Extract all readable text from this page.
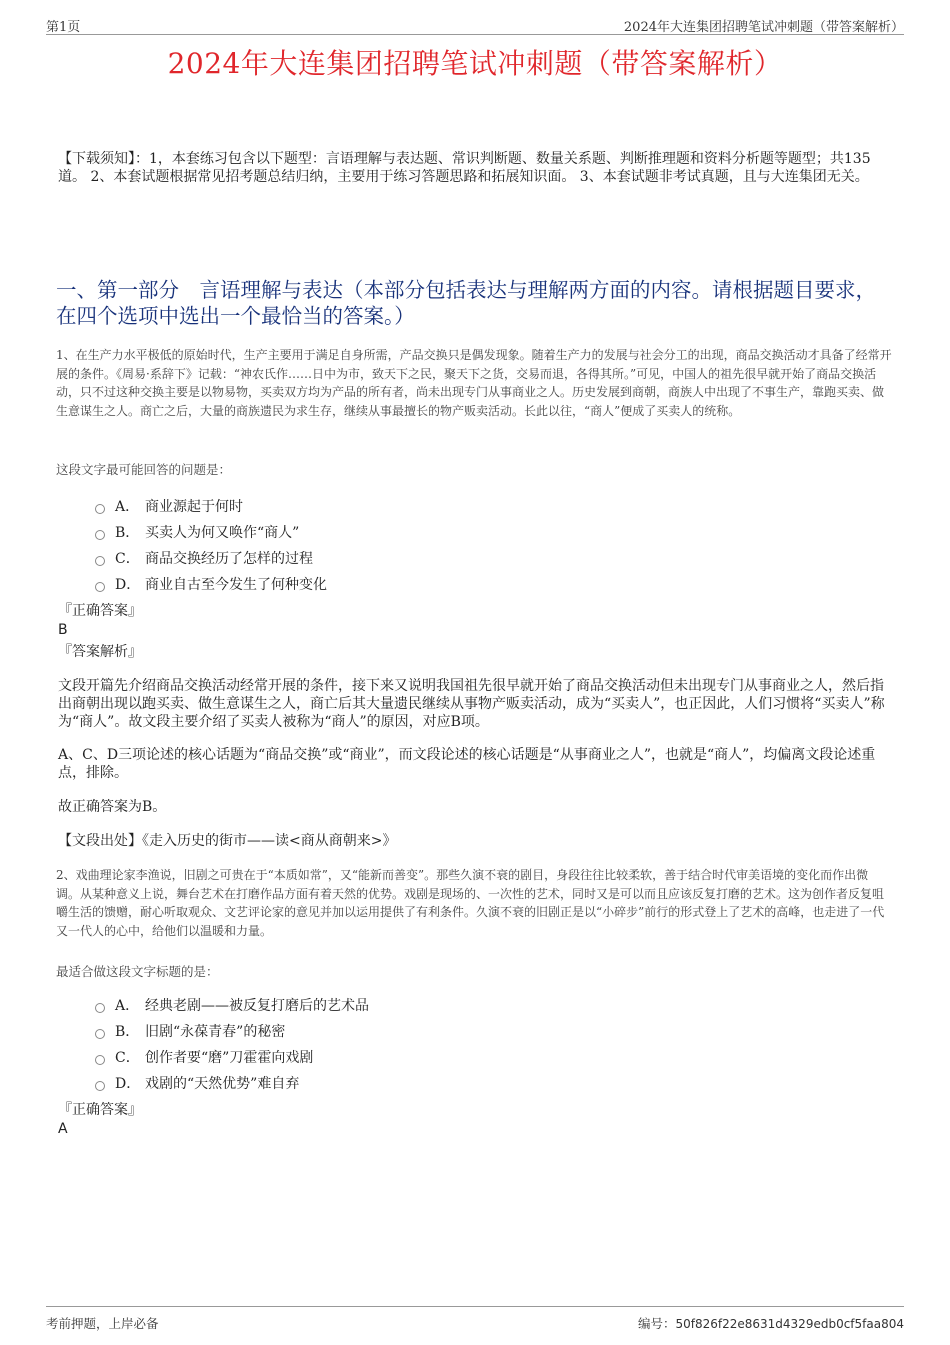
第1页	2024年大连集团招聘笔试冲刺题（带答案解析）
2024年大连集团招聘笔试冲刺题（带答案解析）
【下载须知】：1，本套练习包含以下题型：言语理解与表达题、常识判断题、数量关系题、判断推理题和资料分析题等题型；共135道。 2、本套试题根据常见招考题总结归纳，主要用于练习答题思路和拓展知识面。 3、本套试题非考试真题，且与大连集团无关。
一、第一部分　言语理解与表达（本部分包括表达与理解两方面的内容。请根据题目要求，在四个选项中选出一个最恰当的答案。）
1、在生产力水平极低的原始时代，生产主要用于满足自身所需，产品交换只是偶发现象。随着生产力的发展与社会分工的出现，商品交换活动才具备了经常开展的条件。《周易·系辞下》记载：“神农氏作……日中为市，致天下之民，聚天下之货，交易而退，各得其所。”可见，中国人的祖先很早就开始了商品交换活动，只不过这种交换主要是以物易物，买卖双方均为产品的所有者，尚未出现专门从事商业之人。历史发展到商朝，商族人中出现了不事生产，靠跑买卖、做生意谋生之人。商亡之后，大量的商族遗民为求生存，继续从事最擅长的物产贩卖活动。长此以往，“商人”便成了买卖人的统称。
这段文字最可能回答的问题是：
A． 商业源起于何时
B． 买卖人为何又唤作“商人”
C． 商品交换经历了怎样的过程
D． 商业自古至今发生了何种变化
『正确答案』
B
『答案解析』
文段开篇先介绍商品交换活动经常开展的条件，接下来又说明我国祖先很早就开始了商品交换活动但未出现专门从事商业之人，然后指出商朝出现以跑买卖、做生意谋生之人，商亡后其大量遗民继续从事物产贩卖活动，成为“买卖人”，也正因此，人们习惯将“买卖人”称为“商人”。故文段主要介绍了买卖人被称为“商人”的原因，对应B项。
A、C、D三项论述的核心话题为“商品交换”或“商业”，而文段论述的核心话题是“从事商业之人”，也就是“商人”，均偏离文段论述重点，排除。
故正确答案为B。
【文段出处】《走入历史的街市——读<商从商朝来>》
2、戏曲理论家李渔说，旧剧之可贵在于“本质如常”，又“能新而善变”。那些久演不衰的剧目，身段往往比较柔软，善于结合时代审美语境的变化而作出微调。从某种意义上说，舞台艺术在打磨作品方面有着天然的优势。戏剧是现场的、一次性的艺术，同时又是可以而且应该反复打磨的艺术。这为创作者反复咀嚼生活的馈赠，耐心听取观众、文艺评论家的意见并加以运用提供了有利条件。久演不衰的旧剧正是以“小碎步”前行的形式登上了艺术的高峰，也走进了一代又一代人的心中，给他们以温暖和力量。
最适合做这段文字标题的是：
A． 经典老剧——被反复打磨后的艺术品
B． 旧剧“永葆青春”的秘密
C． 创作者要“磨”刀霍霍向戏剧
D． 戏剧的“天然优势”难自弃
『正确答案』
A
考前押题，上岸必备	编号：50f826f22e8631d4329edb0cf5faa804
